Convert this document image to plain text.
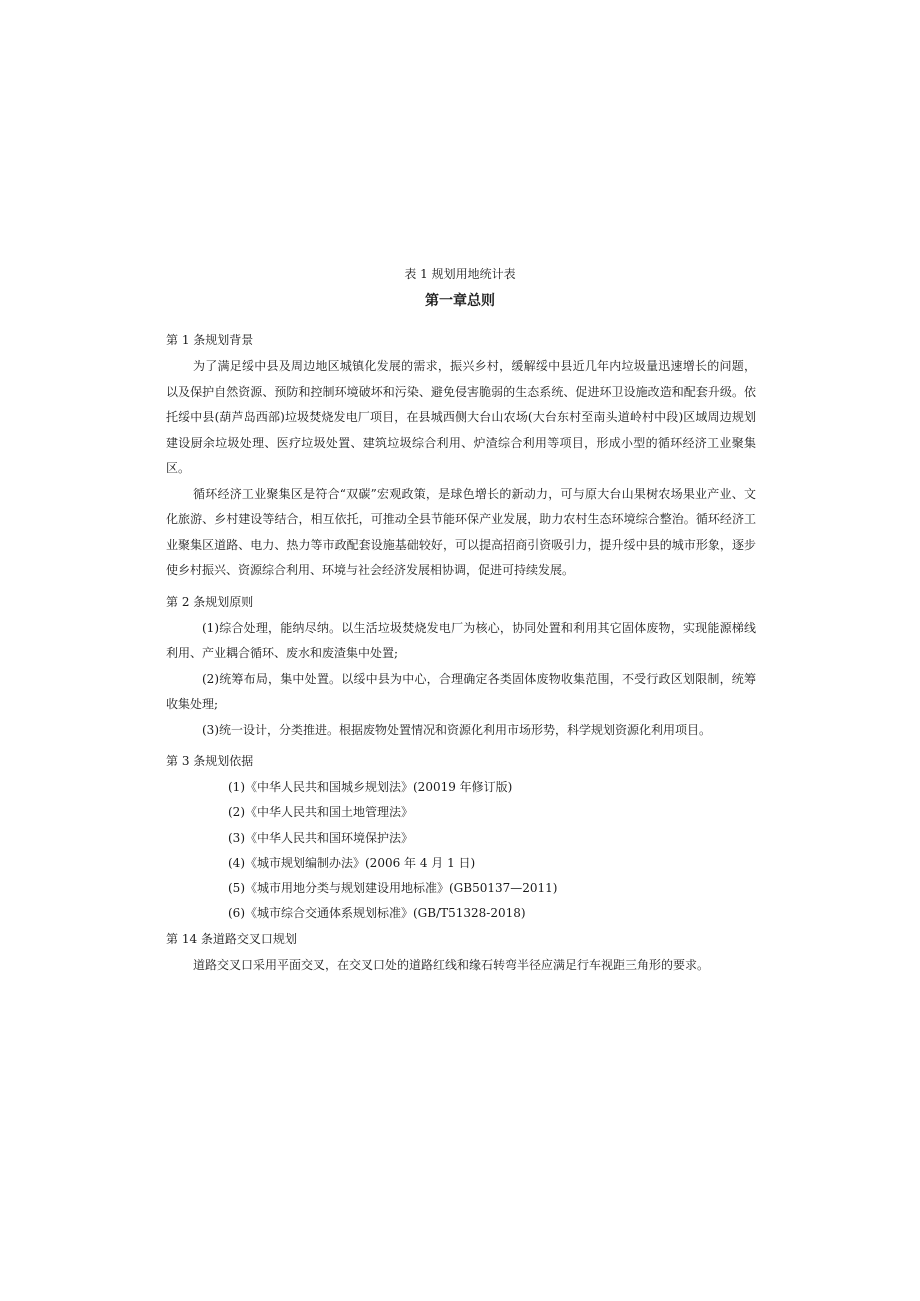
表 1 规划用地统计表
第一章总则
第 1 条规划背景

为了满足绥中县及周边地区城镇化发展的需求，振兴乡村，缓解绥中县近几年内垃圾量迅速增长的问题，以及保护自然资源、预防和控制环境破坏和污染、避免侵害脆弱的生态系统、促进环卫设施改造和配套升级。依托绥中县(葫芦岛西部)垃圾焚烧发电厂项目，在县城西侧大台山农场(大台东村至南头道岭村中段)区域周边规划建设厨余垃圾处理、医疗垃圾处置、建筑垃圾综合利用、炉渣综合利用等项目，形成小型的循环经济工业聚集区。

循环经济工业聚集区是符合“双碳”宏观政策，是球色增长的新动力，可与原大台山果树农场果业产业、文化旅游、乡村建设等结合，相互依托，可推动全县节能环保产业发展，助力农村生态环境综合整治。循环经济工业聚集区道路、电力、热力等市政配套设施基础较好，可以提高招商引资吸引力，提升绥中县的城市形象，逐步使乡村振兴、资源综合利用、环境与社会经济发展相协调，促进可持续发展。

第 2 条规划原则

(1)综合处理，能纳尽纳。以生活垃圾焚烧发电厂为核心，协同处置和利用其它固体废物，实现能源梯线利用、产业耦合循环、废水和废渣集中处置;

(2)统筹布局，集中处置。以绥中县为中心，合理确定各类固体废物收集范围，不受行政区划限制，统筹收集处理;

(3)统一设计，分类推进。根据废物处置情况和资源化利用市场形势，科学规划资源化利用项目。

第 3 条规划依据

(1)《中华人民共和国城乡规划法》(20019 年修订版)

(2)《中华人民共和国土地管理法》

(3)《中华人民共和国环境保护法》

(4)《城市规划编制办法》(2006 年 4 月 1 日)

(5)《城市用地分类与规划建设用地标准》(GB50137—2011)

(6)《城市综合交通体系规划标准》(GB/T51328-2018)

第 14 条道路交叉口规划

道路交叉口采用平面交叉，在交叉口处的道路红线和缘石转弯半径应满足行车视距三角形的要求。
